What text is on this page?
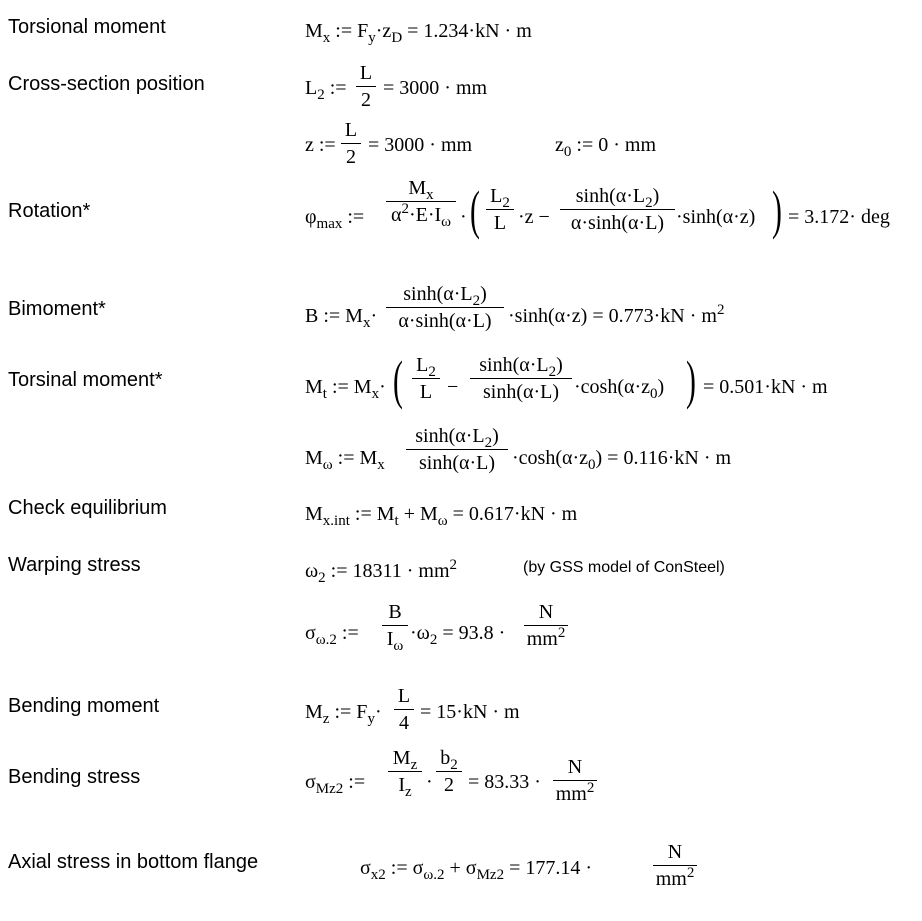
Torsional moment
Cross-section position
Rotation*
Bimoment*
Torsinal moment*
Check equilibrium
Warping stress
Bending moment
Bending stress
Axial stress in bottom flange
$M_x$ := $F_y\cdot z_D = 1.234\cdot kN \cdot m$
$L_2$ :=
L
2
= 3000 · mm
z :=
L
2
= 3000 · mm	$z_0$ := 0 · mm
$\varphi_{max}$ :=
$M_x$
$\alpha^2\cdot E\cdot I_\omega$ · ( $L_2$
L ·z −
$\sinh(\alpha\cdot L_2)$
α·sinh(α·L) ·sinh(α·z) ) = 3.172· deg
B := $M_x\cdot$
$\sinh(\alpha\cdot L_2)$
$\alpha\cdot\sinh(\alpha\cdot L) \cdot\sinh(\alpha\cdot z) = 0.773\cdot kN \cdot m^2$
$M_t$ := $M_x\cdot$ ( $L_2$
L −
$\sinh(\alpha\cdot L_2)$
$\sinh(\alpha\cdot L) \cdot\cosh(\alpha\cdot z_0)$ ) = 0.501·kN · m
$M_\omega$ := $M_x$
$\sinh(\alpha\cdot L_2)$
$\sinh(\alpha\cdot L) \cdot\cosh(\alpha\cdot z_0) = 0.116\cdot kN \cdot m$
$M_{x.int}$ := $M_t + M_\omega = 0.617\cdot kN \cdot m$
$\omega_2$ := $18311 \cdot mm^2$	(by GSS model of ConSteel)
$\sigma_{\omega.2}$ :=
B
$I_\omega$
$\cdot\omega_2 = 93.8$ ·
N
$mm^2$
$M_z$ := $F_y\cdot$
L
4 = 15·kN · m
$\sigma_{Mz2}$ :=
$M_z$
$I_z$ ·
$b_2$
2 = 83.33 ·
N
$mm^2$
$\sigma_{x2}$ := $\sigma_{\omega.2} + \sigma_{Mz2} = 177.14$ ·
N
$mm^2$
